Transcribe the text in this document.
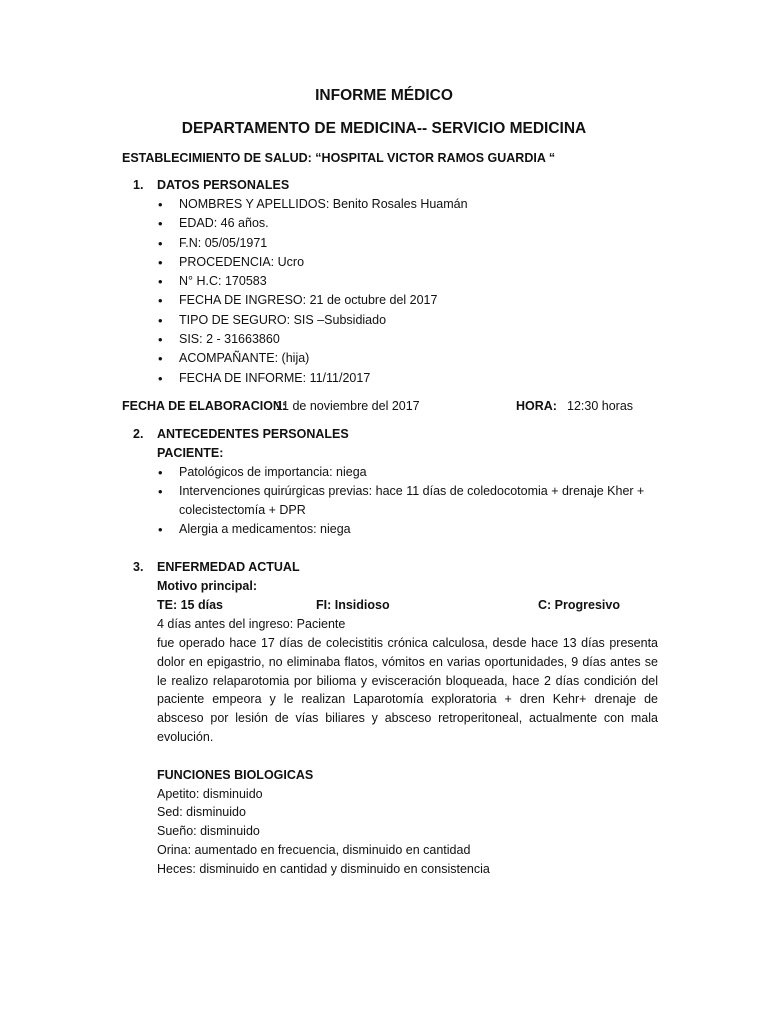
INFORME MÉDICO
DEPARTAMENTO DE MEDICINA-- SERVICIO MEDICINA
ESTABLECIMIENTO DE SALUD: “HOSPITAL VICTOR RAMOS GUARDIA “
1. DATOS PERSONALES
• NOMBRES Y APELLIDOS: Benito Rosales Huamán
• EDAD: 46 años.
• F.N: 05/05/1971
• PROCEDENCIA: Ucro
• N° H.C: 170583
• FECHA DE INGRESO: 21 de octubre del 2017
• TIPO DE SEGURO: SIS –Subsidiado
• SIS: 2 - 31663860
• ACOMPAÑANTE: (hija)
• FECHA DE INFORME: 11/11/2017
FECHA DE ELABORACION:
11 de noviembre del 2017	HORA: 12:30 horas
2. ANTECEDENTES PERSONALES
PACIENTE:
• Patológicos de importancia: niega
• Intervenciones quirúrgicas previas: hace 11 días de coledocotomia + drenaje Kher + colecistectomía + DPR
• Alergia a medicamentos: niega
3. ENFERMEDAD ACTUAL
Motivo principal:
TE: 15 días	FI: Insidioso	C: Progresivo
4 días antes del ingreso: Paciente
fue operado hace 17 días de colecistitis crónica calculosa, desde hace 13 días presenta dolor en epigastrio, no eliminaba flatos, vómitos en varias oportunidades, 9 días antes se le realizo relaparotomia por bilioma y evisceración bloqueada, hace 2 días condición del paciente empeora y le realizan Laparotomía exploratoria + dren Kehr+ drenaje de absceso por lesión de vías biliares y absceso retroperitoneal, actualmente con mala evolución.
FUNCIONES BIOLOGICAS
Apetito: disminuido
Sed: disminuido
Sueño: disminuido
Orina: aumentado en frecuencia, disminuido en cantidad
Heces: disminuido en cantidad y disminuido en consistencia
